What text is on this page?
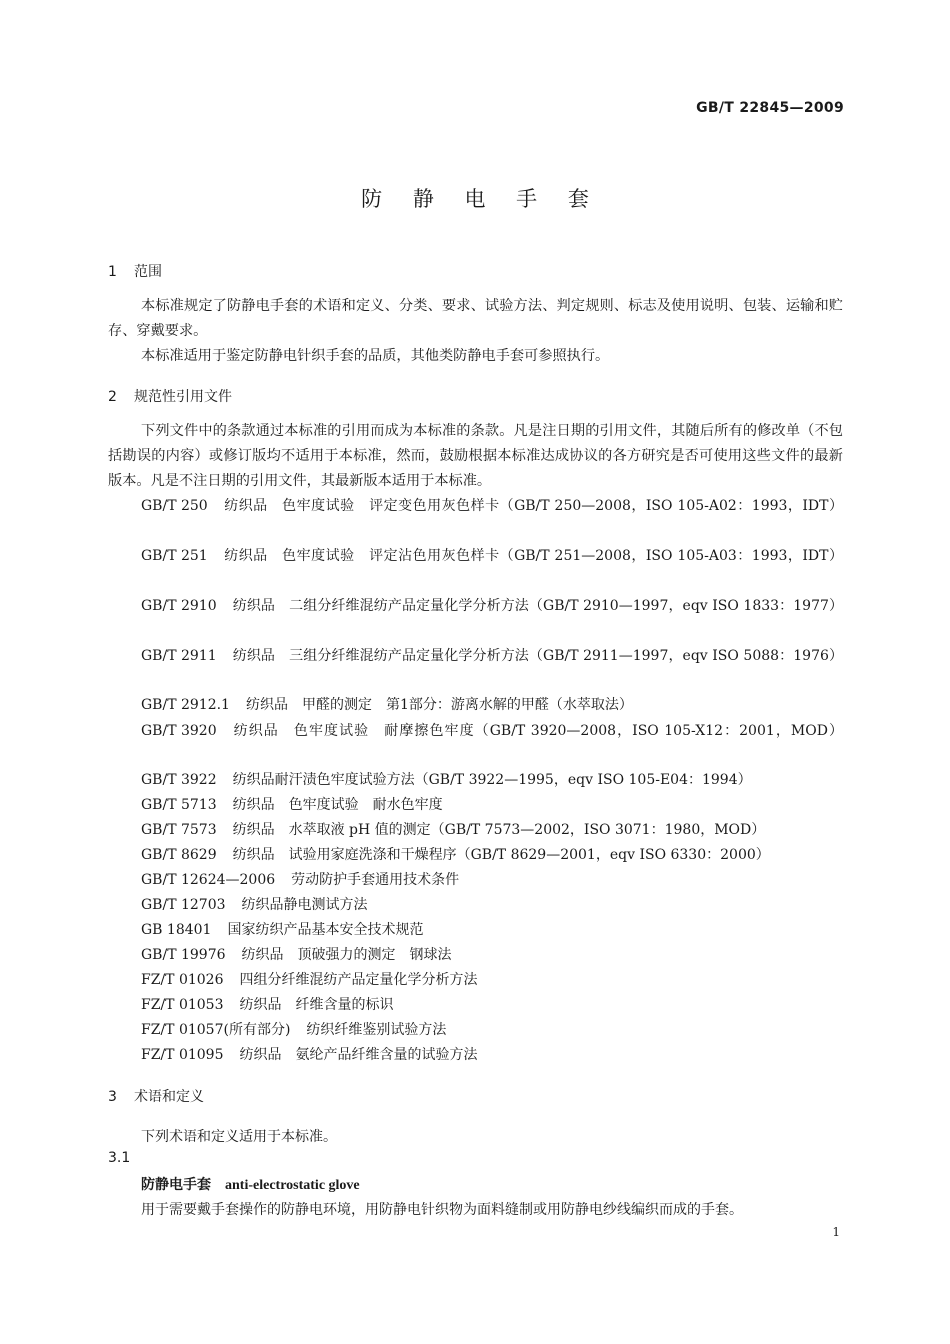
GB/T 22845—2009
防 静 电 手 套
1 范围
本标准规定了防静电手套的术语和定义、分类、要求、试验方法、判定规则、标志及使用说明、包装、运输和贮存、穿戴要求。
本标准适用于鉴定防静电针织手套的品质，其他类防静电手套可参照执行。
2 规范性引用文件
下列文件中的条款通过本标准的引用而成为本标准的条款。凡是注日期的引用文件，其随后所有的修改单（不包括勘误的内容）或修订版均不适用于本标准，然而，鼓励根据本标准达成协议的各方研究是否可使用这些文件的最新版本。凡是不注日期的引用文件，其最新版本适用于本标准。
GB/T 250 纺织品　色牢度试验　评定变色用灰色样卡（GB/T 250—2008，ISO 105-A02：1993，IDT）
GB/T 251 纺织品　色牢度试验　评定沾色用灰色样卡（GB/T 251—2008，ISO 105-A03：1993，IDT）
GB/T 2910 纺织品　二组分纤维混纺产品定量化学分析方法（GB/T 2910—1997，eqv ISO 1833：1977）
GB/T 2911 纺织品　三组分纤维混纺产品定量化学分析方法（GB/T 2911—1997，eqv ISO 5088：1976）
GB/T 2912.1 纺织品　甲醛的测定　第1部分：游离水解的甲醛（水萃取法）
GB/T 3920 纺织品　色牢度试验　耐摩擦色牢度（GB/T 3920—2008，ISO 105-X12：2001，MOD）
GB/T 3922 纺织品耐汗渍色牢度试验方法（GB/T 3922—1995，eqv ISO 105-E04：1994）
GB/T 5713 纺织品　色牢度试验　耐水色牢度
GB/T 7573 纺织品　水萃取液 pH 值的测定（GB/T 7573—2002，ISO 3071：1980，MOD）
GB/T 8629 纺织品　试验用家庭洗涤和干燥程序（GB/T 8629—2001，eqv ISO 6330：2000）
GB/T 12624—2006 劳动防护手套通用技术条件
GB/T 12703 纺织品静电测试方法
GB 18401 国家纺织产品基本安全技术规范
GB/T 19976 纺织品　顶破强力的测定　钢球法
FZ/T 01026 四组分纤维混纺产品定量化学分析方法
FZ/T 01053 纺织品　纤维含量的标识
FZ/T 01057(所有部分) 纺织纤维鉴别试验方法
FZ/T 01095 纺织品　氨纶产品纤维含量的试验方法
3 术语和定义
下列术语和定义适用于本标准。
3.1
防静电手套 anti-electrostatic glove
用于需要戴手套操作的防静电环境，用防静电针织物为面料缝制或用防静电纱线编织而成的手套。
1
